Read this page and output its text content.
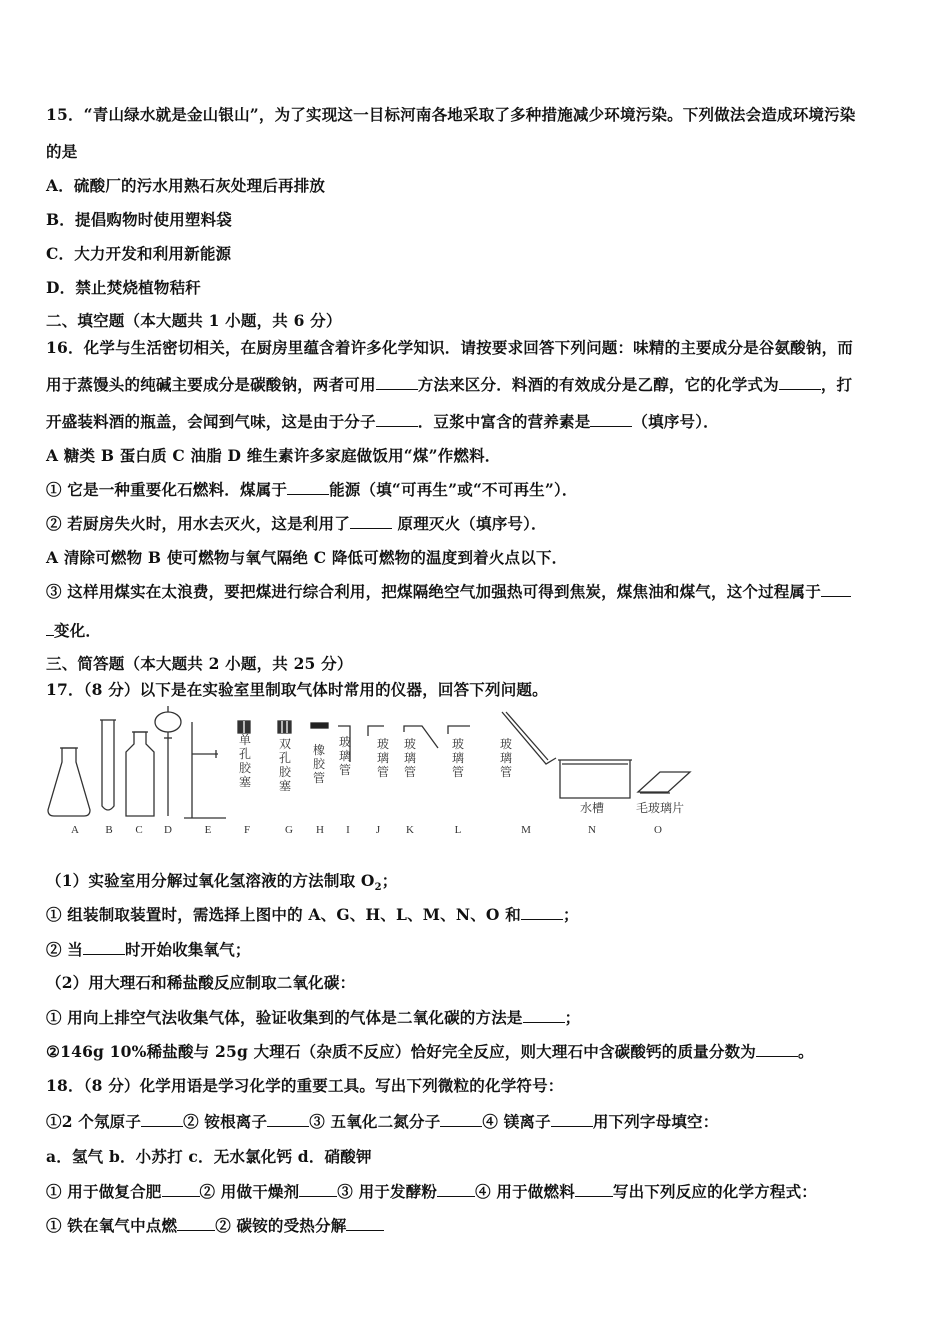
15．“青山绿水就是金山银山”，为了实现这一目标河南各地采取了多种措施减少环境污染。下列做法会造成环境污染
的是
A．硫酸厂的污水用熟石灰处理后再排放
B．提倡购物时使用塑料袋
C．大力开发和利用新能源
D．禁止焚烧植物秸秆
二、填空题（本大题共 1 小题，共 6 分）
16．化学与生活密切相关，在厨房里蕴含着许多化学知识．请按要求回答下列问题：味精的主要成分是谷氨酸钠，而
用于蒸馒头的纯碱主要成分是碳酸钠，两者可用	方法来区分．料酒的有效成分是乙醇，它的化学式为	，打
开盛装料酒的瓶盖，会闻到气味，这是由于分子	．豆浆中富含的营养素是	（填序号）．
A 糖类 B 蛋白质 C 油脂 D 维生素许多家庭做饭用“煤”作燃料．
① 它是一种重要化石燃料．煤属于	能源（填“可再生”或“不可再生”）．
② 若厨房失火时，用水去灭火，这是利用了	原理灭火（填序号）．
A 清除可燃物 B 使可燃物与氧气隔绝 C 降低可燃物的温度到着火点以下．
③ 这样用煤实在太浪费，要把煤进行综合利用，把煤隔绝空气加强热可得到焦炭，煤焦油和煤气，这个过程属于
变化．
三、简答题（本大题共 2 小题，共 25 分）
17．（8 分）以下是在实验室里制取气体时常用的仪器，回答下列问题。
单
孔
胶
塞
双
孔
胶
塞
橡
胶
管
玻
璃
管
玻
璃
管
玻
璃
管
玻
璃
管
玻
璃
管
水槽	毛玻璃片
A B C D	E	F	G H I J K	L	M	N	O
（1）实验室用分解过氧化氢溶液的方法制取 $O_2$；
① 组装制取装置时，需选择上图中的 A、G、H、L、M、N、O 和	；
② 当	时开始收集氧气；
（2）用大理石和稀盐酸反应制取二氧化碳：
① 用向上排空气法收集气体，验证收集到的气体是二氧化碳的方法是	；
②146g 10%稀盐酸与 25g 大理石（杂质不反应）恰好完全反应，则大理石中含碳酸钙的质量分数为	。
18．（8 分）化学用语是学习化学的重要工具。写出下列微粒的化学符号：
①2 个氖原子	② 铵根离子	③ 五氧化二氮分子	④ 镁离子	用下列字母填空：
a．氢气 b．小苏打 c．无水氯化钙 d．硝酸钾
① 用于做复合肥 ② 用做干燥剂 ③ 用于发酵粉 ④ 用于做燃料 写出下列反应的化学方程式：
① 铁在氧气中点燃 ② 碳铵的受热分解
